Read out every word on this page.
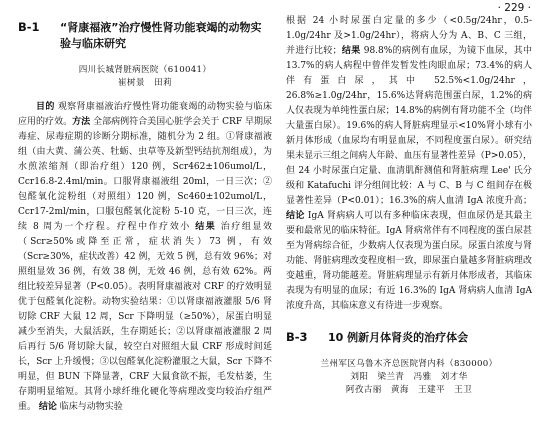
· 229 ·
B-1	“肾康福液”治疗慢性肾功能衰竭的动物实验与临床研究
四川长城肾脏病医院（610041）
崔树景 田莉

目的 观察肾康福液治疗慢性肾功能衰竭的动物实验与临床应用的疗效。方法 全部病例符合美国心脏学会关于 CRF 早期尿毒症、尿毒症期的诊断分期标准，随机分为 2 组。①肾康福液组（由大黄、蒲公英、牡蛎、虫草等及新型钙结抗剂组成），为水煎浓缩剂（即治疗组）120 例，Scr462±106umol/L，Ccr16.8-2.4ml/min。口服肾康福液组 20ml，一日三次；②包醛氧化淀粉组（对照组）120 例，Sc460±102umol/L，Ccr17-2ml/min，口服包醛氧化淀粉 5-10 克，一日三次，连续 8 周为一个疗程。疗程中作疗效小 结果 治疗组显效（Scr≥50%或降至正常，症状消失）73 例，有效（Scr≥30%，症状改善）42 例，无效 5 例，总有效 96%；对照组显效 36 例，有效 38 例，无效 46 例，总有效 62%。两组比较差异显著（P<0.05）。表明肾康福液对 CRF 的疗效明显优于包醛氧化淀粉。动物实验结果：①以肾康福液灌服 5/6 肾切除 CRF 大鼠 12 周，Scr 下降明显（≥50%），尿蛋白明显减少至消失，大鼠活跃，生存期延长；②以肾康福液灌服 2 周后再行 5/6 肾切除大鼠，较空白对照组大鼠 CRF 形成时间延长，Scr 上升缓慢；③以包醛氧化淀粉灌服之大鼠，Scr 下降不明显，但 BUN 下降显著，CRF 大鼠食欲不振，毛发枯萎，生存期明显缩短。其肾小球纤维化硬化等病理改变均较治疗组严重。 结论 临床与动物实验

根据 24 小时尿蛋白定量的多少（<0.5g/24hr，0.5-1.0g/24hr 及>1.0g/24hr），将病人分为 A、B、C 三组，并进行比较；结果 98.8%的病例有血尿，为镜下血尿，其中 13.7%的病人病程中曾伴发暂发性肉眼血尿；73.4%的病人伴有蛋白尿，其中 52.5%<1.0g/24hr，26.8%≥1.0g/24hr，15.6%达肾病范围蛋白尿，1.2%的病人仅表现为单纯性蛋白尿；14.8%的病例有肾功能不全（均伴大量蛋白尿）。19.6%的病人肾脏病理显示<10%肾小球有小新月体形成（血尿均有明显血尿，不同程度蛋白尿）。研究结果未显示三组之间病人年龄、血压有显著性差异（P>0.05），但 24 小时尿蛋白定量、血清肌酐测值和肾脏病理 Lee' 氏分级和 Katafuchi 评分组间比较：A 与 C、B 与 C 组间存在极显著性差异（P<0.01）；16.3%的病人血清 IgA 浓度升高；结论 IgA 肾病病人可以有多种临床表现，但血尿仍是其最主要和最常见的临床特征。IgA 肾病常伴有不同程度的蛋白尿甚至为肾病综合征，少数病人仅表现为蛋白尿。尿蛋白浓度与肾功能、肾脏病理改变程度相一致，即尿蛋白量越多肾脏病理改变越重，肾功能越差。肾脏病理显示有新月体形成者，其临床表现为有明显的血尿；有近 16.3%的 IgA 肾病病人血清 IgA 浓度升高，其临床意义有待进一步观察。

B-3	10 例新月体肾炎的治疗体会
兰州军区乌鲁木齐总医院肾内科（830000）
刘阳 梁兰青 冯雅 刘才华
阿孜古丽 黄海 王建平 王卫
